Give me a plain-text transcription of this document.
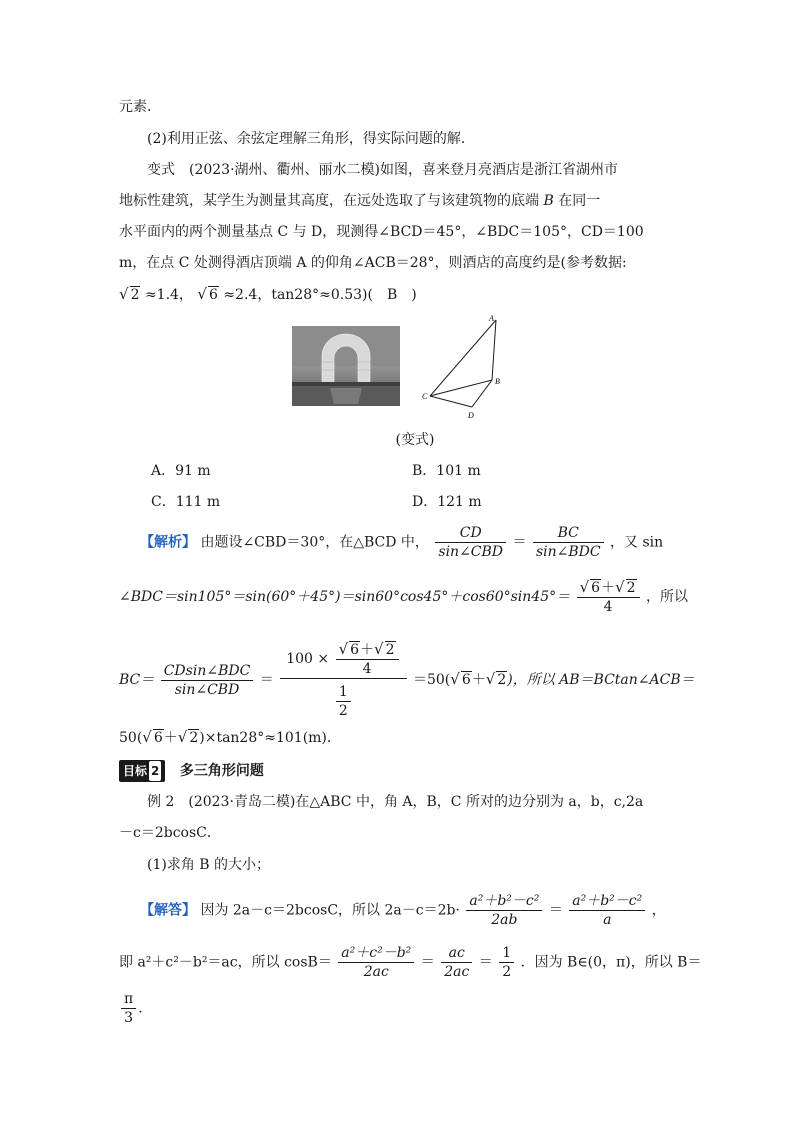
元素．
(2)利用正弦、余弦定理解三角形，得实际问题的解．
变式　(2023·湖州、衢州、丽水二模)如图，喜来登月亮酒店是浙江省湖州市
地标性建筑，某学生为测量其高度，在远处选取了与该建筑物的底端 B 在同一
水平面内的两个测量基点 C 与 D，现测得∠BCD＝45°，∠BDC＝105°，CD＝100
m，在点 C 处测得酒店顶端 A 的仰角∠ACB＝28°，则酒店的高度约是(参考数据:
√ 2 ≈1.4， √ 6 ≈2.4，tan28°≈0.53)(　B　)
A
B
C
D
(变式)
A．91 m	B．101 m
C．111 m	D．121 m
【解析】 由题设∠CBD＝30°，在△BCD 中， $\frac{CD}{\text{sin∠CBD}} = \frac{BC}{\text{sin∠BDC}}$ ，又 sin
∠BDC＝sin105°＝sin(60°＋45°)＝sin60°cos45°＋cos60°sin45°＝ $\frac{√ 6+√ 2}{4}$ ，所以
$BC= \frac{\text{CDsin∠BDC}}{\text{sin∠CBD}} = \frac{100 \times \frac{√ 6+√ 2}{4}}{\frac{1}{2}} =50(√$ 6＋√ 2)，所以 AB＝BCtan∠ACB＝
50(√ 6＋√ 2)×tan28°≈101(m)．
目标 2 多三角形问题
例 2　(2023·青岛二模)在△ABC 中，角 A，B，C 所对的边分别为 a，b，c,2a
－c＝2bcosC．
(1)求角 B 的大小；
【解答】 因为 2a－c＝2bcosC，所以 $2a-c=2b\cdot \frac{\text{a²＋b²－c²}}{2ab} = \frac{\text{a²＋b²－c²}}{a}$ ，
即 a²＋c²－b²＝ac，所以 $\cos B= \frac{\text{a²＋c²－b²}}{2ac} = \frac{ac}{2ac} = \frac{1}{2}$ ．因为 B∈(0，π)，所以 B＝
$\frac{\pi}{3}$ .
